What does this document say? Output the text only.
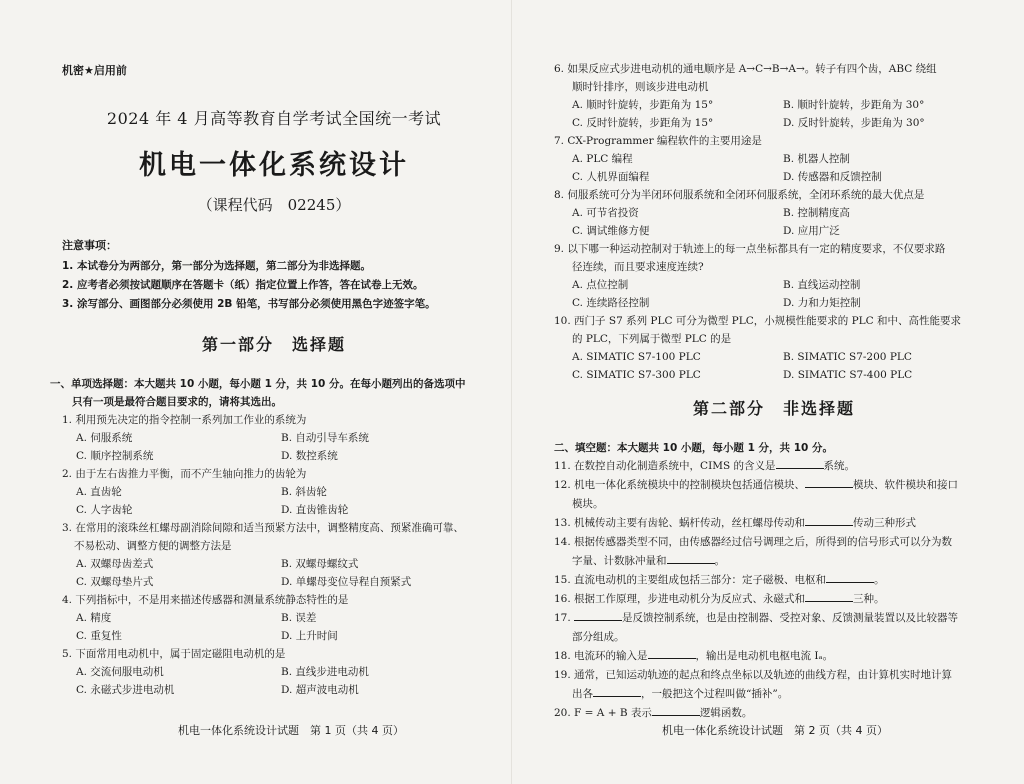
机密★启用前
2024 年 4 月高等教育自学考试全国统一考试
机电一体化系统设计
（课程代码　02245）
注意事项：
1. 本试卷分为两部分，第一部分为选择题，第二部分为非选择题。
2. 应考者必须按试题顺序在答题卡（纸）指定位置上作答，答在试卷上无效。
3. 涂写部分、画图部分必须使用 2B 铅笔，书写部分必须使用黑色字迹签字笔。
第一部分　选择题
一、单项选择题：本大题共 10 小题，每小题 1 分，共 10 分。在每小题列出的备选项中
只有一项是最符合题目要求的，请将其选出。
1. 利用预先决定的指令控制一系列加工作业的系统为
A. 伺服系统	B. 自动引导车系统
C. 顺序控制系统	D. 数控系统
2. 由于左右齿推力平衡，而不产生轴向推力的齿轮为
A. 直齿轮	B. 斜齿轮
C. 人字齿轮	D. 直齿锥齿轮
3. 在常用的滚珠丝杠螺母副消除间隙和适当预紧方法中，调整精度高、预紧准确可靠、
不易松动、调整方便的调整方法是
A. 双螺母齿差式	B. 双螺母螺纹式
C. 双螺母垫片式	D. 单螺母变位导程自预紧式
4. 下列指标中，不是用来描述传感器和测量系统静态特性的是
A. 精度	B. 误差
C. 重复性	D. 上升时间
5. 下面常用电动机中，属于固定磁阻电动机的是
A. 交流伺服电动机	B. 直线步进电动机
C. 永磁式步进电动机	D. 超声波电动机
机电一体化系统设计试题　第 1 页（共 4 页）
6. 如果反应式步进电动机的通电顺序是 A→C→B→A→。转子有四个齿，ABC 绕组
顺时针排序，则该步进电动机
A. 顺时针旋转，步距角为 15°	B. 顺时针旋转，步距角为 30°
C. 反时针旋转，步距角为 15°	D. 反时针旋转，步距角为 30°
7. CX-Programmer 编程软件的主要用途是
A. PLC 编程	B. 机器人控制
C. 人机界面编程	D. 传感器和反馈控制
8. 伺服系统可分为半闭环伺服系统和全闭环伺服系统，全闭环系统的最大优点是
A. 可节省投资	B. 控制精度高
C. 调试维修方便	D. 应用广泛
9. 以下哪一种运动控制对于轨迹上的每一点坐标都具有一定的精度要求，不仅要求路
径连续，而且要求速度连续?
A. 点位控制	B. 直线运动控制
C. 连续路径控制	D. 力和力矩控制
10. 西门子 S7 系列 PLC 可分为微型 PLC，小规模性能要求的 PLC 和中、高性能要求
的 PLC，下列属于微型 PLC 的是
A. SIMATIC S7-100 PLC	B. SIMATIC S7-200 PLC
C. SIMATIC S7-300 PLC	D. SIMATIC S7-400 PLC
第二部分　非选择题
二、填空题：本大题共 10 小题，每小题 1 分，共 10 分。
11. 在数控自动化制造系统中，CIMS 的含义是	系统。
12. 机电一体化系统模块中的控制模块包括通信模块、	模块、软件模块和接口
模块。
13. 机械传动主要有齿轮、蜗杆传动，丝杠螺母传动和	传动三种形式
14. 根据传感器类型不同，由传感器经过信号调理之后，所得到的信号形式可以分为数
字量、计数脉冲量和	。
15. 直流电动机的主要组成包括三部分：定子磁极、电枢和	。
16. 根据工作原理，步进电动机分为反应式、永磁式和	三种。
17.	是反馈控制系统，也是由控制器、受控对象、反馈测量装置以及比较器等
部分组成。
18. 电流环的输入是	，输出是电动机电枢电流 Iₐ。
19. 通常，已知运动轨迹的起点和终点坐标以及轨迹的曲线方程，由计算机实时地计算
出各	，一般把这个过程叫做“插补”。
20. F = A + B 表示	逻辑函数。
机电一体化系统设计试题　第 2 页（共 4 页）
